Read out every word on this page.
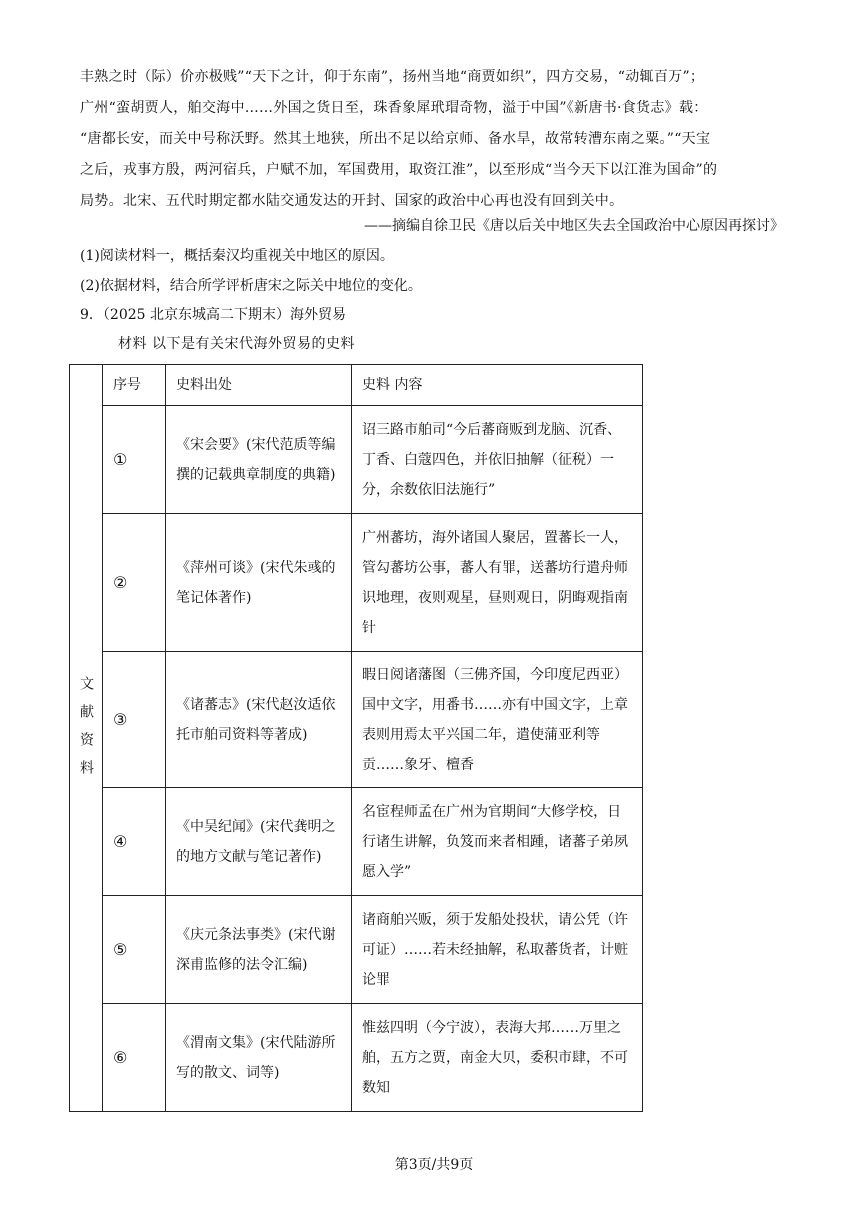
丰熟之时（际）价亦极贱”“天下之计，仰于东南”，扬州当地“商贾如织”，四方交易，“动辄百万”；
广州“蛮胡贾人，舶交海中……外国之货日至，珠香象犀玳瑁奇物，溢于中国”《新唐书·食货志》载：
“唐都长安，而关中号称沃野。然其土地狭，所出不足以给京师、备水旱，故常转漕东南之粟。”“天宝
之后，戎事方殷，两河宿兵，户赋不加，军国费用，取资江淮”，以至形成“当今天下以江淮为国命”的
局势。北宋、五代时期定都水陆交通发达的开封、国家的政治中心再也没有回到关中。
——摘编自徐卫民《唐以后关中地区失去全国政治中心原因再探讨》
(1)阅读材料一，概括秦汉均重视关中地区的原因。
(2)依据材料，结合所学评析唐宋之际关中地位的变化。
9．（2025 北京东城高二下期末）海外贸易
材料 以下是有关宋代海外贸易的史料
文献资料	序号	史料出处	史料 内容
	①	《宋会要》(宋代范质等编撰的记载典章制度的典籍)	诏三路市舶司“今后蕃商贩到龙脑、沉香、丁香、白蔻四色，并依旧抽解（征税）一分，余数依旧法施行”
	②	《萍州可谈》(宋代朱彧的笔记体著作)	广州蕃坊，海外诸国人聚居，置蕃长一人，管勾蕃坊公事，蕃人有罪，送蕃坊行遣舟师识地理，夜则观星，昼则观日，阴晦观指南针
	③	《诸蕃志》(宋代赵汝适依托市舶司资料等著成)	暇日阅诸藩图（三佛齐国，今印度尼西亚）国中文字，用番书……亦有中国文字，上章表则用焉太平兴国二年，遣使蒲亚利等贡……象牙、檀香
	④	《中吴纪闻》(宋代龚明之的地方文献与笔记著作)	名宦程师孟在广州为官期间“大修学校，日行诸生讲解，负笈而来者相踵，诸蕃子弟夙愿入学”
	⑤	《庆元条法事类》(宋代谢深甫监修的法令汇编)	诸商舶兴贩，须于发船处投状，请公凭（许可证）……若未经抽解，私取蕃货者，计赃论罪
	⑥	《渭南文集》(宋代陆游所写的散文、词等)	惟兹四明（今宁波），表海大邦……万里之舶，五方之贾，南金大贝，委积市肆，不可数知
第3页/共9页
